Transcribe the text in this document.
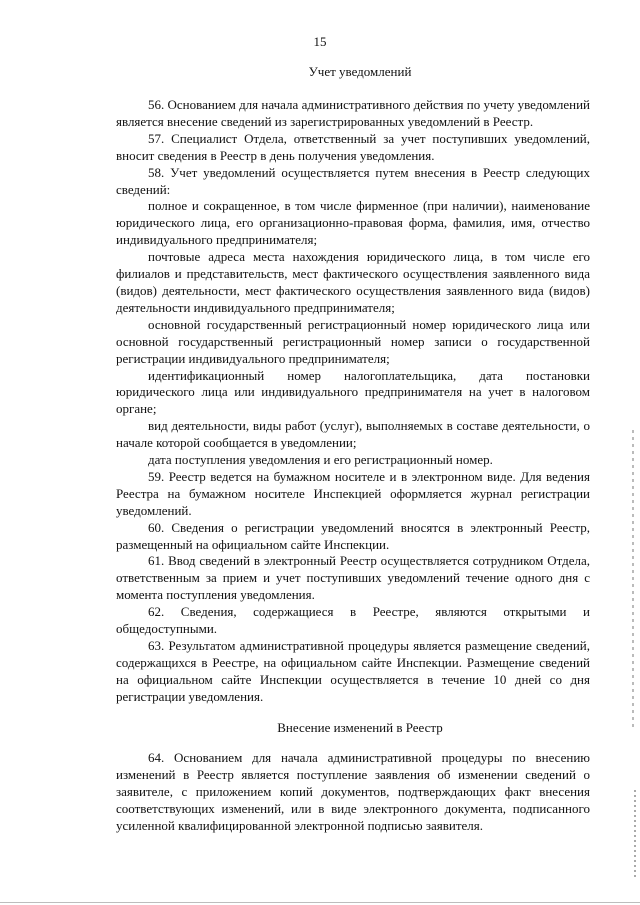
15
Учет уведомлений

56. Основанием для начала административного действия по учету уведомлений является внесение сведений из зарегистрированных уведомлений в Реестр.

57. Специалист Отдела, ответственный за учет поступивших уведомлений, вносит сведения в Реестр в день получения уведомления.

58. Учет уведомлений осуществляется путем внесения в Реестр следующих сведений:

полное и сокращенное, в том числе фирменное (при наличии), наименование юридического лица, его организационно-правовая форма, фамилия, имя, отчество индивидуального предпринимателя;

почтовые адреса места нахождения юридического лица, в том числе его филиалов и представительств, мест фактического осуществления заявленного вида (видов) деятельности, мест фактического осуществления заявленного вида (видов) деятельности индивидуального предпринимателя;

основной государственный регистрационный номер юридического лица или основной государственный регистрационный номер записи о государственной регистрации индивидуального предпринимателя;

идентификационный номер налогоплательщика, дата постановки юридического лица или индивидуального предпринимателя на учет в налоговом органе;

вид деятельности, виды работ (услуг), выполняемых в составе деятельности, о начале которой сообщается в уведомлении;

дата поступления уведомления и его регистрационный номер.

59. Реестр ведется на бумажном носителе и в электронном виде. Для ведения Реестра на бумажном носителе Инспекцией оформляется журнал регистрации уведомлений.

60. Сведения о регистрации уведомлений вносятся в электронный Реестр, размещенный на официальном сайте Инспекции.

61. Ввод сведений в электронный Реестр осуществляется сотрудником Отдела, ответственным за прием и учет поступивших уведомлений течение одного дня с момента поступления уведомления.

62. Сведения, содержащиеся в Реестре, являются открытыми и общедоступными.

63. Результатом административной процедуры является размещение сведений, содержащихся в Реестре, на официальном сайте Инспекции. Размещение сведений на официальном сайте Инспекции осуществляется в течение 10 дней со дня регистрации уведомления.

Внесение изменений в Реестр

64. Основанием для начала административной процедуры по внесению изменений в Реестр является поступление заявления об изменении сведений о заявителе, с приложением копий документов, подтверждающих факт внесения соответствующих изменений, или в виде электронного документа, подписанного усиленной квалифицированной электронной подписью заявителя.
